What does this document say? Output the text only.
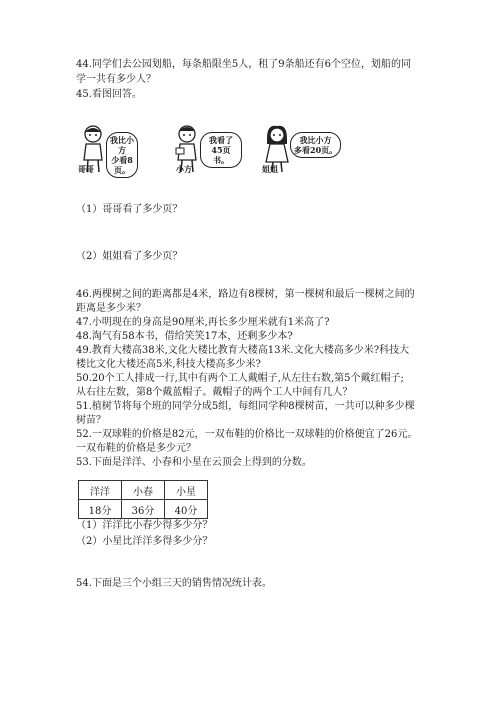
44.同学们去公园划船，每条船限坐5人，租了9条船还有6个空位，划船的同
学一共有多少人？
45.看图回答。
哥哥
我比小方
少看8页。	小方
我看了
45页书。
姐姐
我比小方
多看20页。
（1）哥哥看了多少页？
（2）姐姐看了多少页？
46.两棵树之间的距离都是4米，路边有8棵树，第一棵树和最后一棵树之间的
距离是多少米？
47.小明现在的身高是90厘米,再长多少厘米就有1米高了?
48.淘气有58本书，借给笑笑17本，还剩多少本?
49.教育大楼高38米,文化大楼比教育大楼高13米.文化大楼高多少米?科技大
楼比文化大楼还高5米,科技大楼高多少米?
50.20个工人排成一行,其中有两个工人戴帽子,从左往右数,第5个戴红帽子;
从右往左数，第8个戴蓝帽子。戴帽子的两个工人中间有几人？
51.植树节将每个班的同学分成5组，每组同学种8棵树苗，一共可以种多少棵
树苗？
52.一双球鞋的价格是82元，一双布鞋的价格比一双球鞋的价格便宜了26元。
一双布鞋的价格是多少元？
53.下面是洋洋、小春和小星在云顶会上得到的分数。
洋洋	小春	小星
18分	36分	40分
（1）洋洋比小春少得多少分？
（2）小星比洋洋多得多少分？
54.下面是三个小组三天的销售情况统计表。
